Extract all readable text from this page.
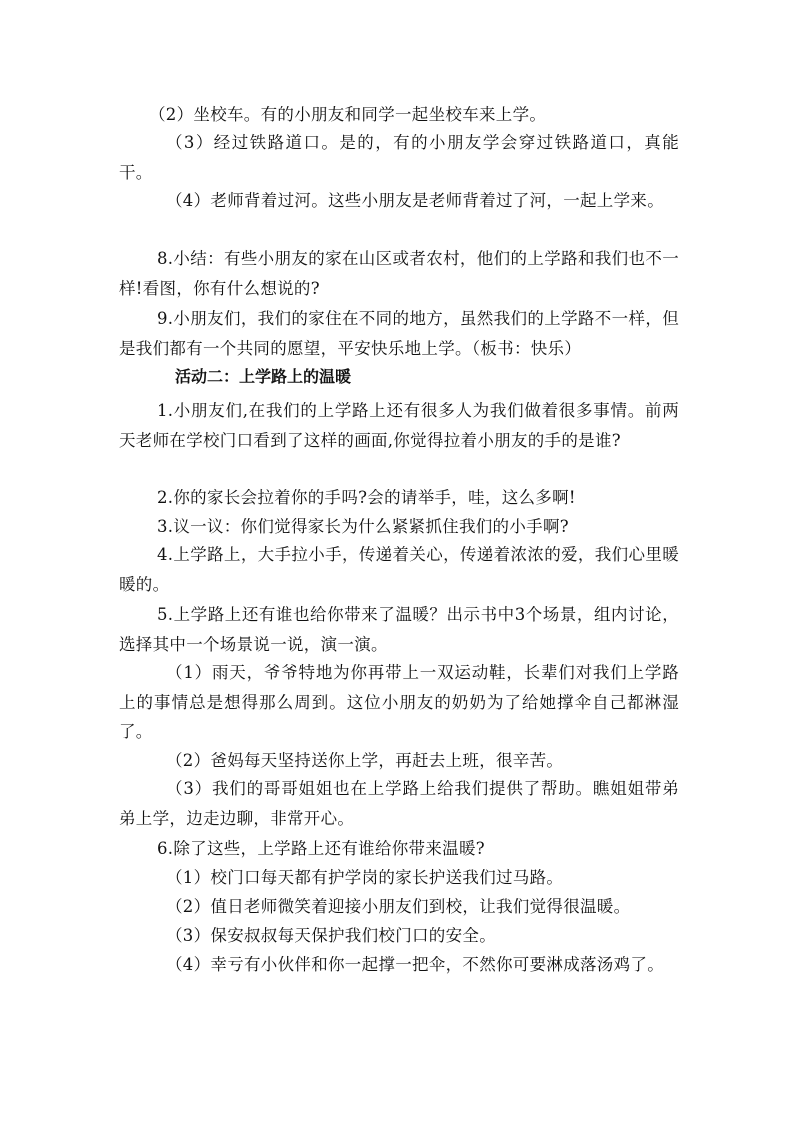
（2）坐校车。有的小朋友和同学一起坐校车来上学。

（3）经过铁路道口。是的，有的小朋友学会穿过铁路道口，真能干。

（4）老师背着过河。这些小朋友是老师背着过了河，一起上学来。

8.小结：有些小朋友的家在山区或者农村，他们的上学路和我们也不一样!看图，你有什么想说的?

9.小朋友们，我们的家住在不同的地方，虽然我们的上学路不一样，但是我们都有一个共同的愿望，平安快乐地上学。（板书：快乐）

活动二：上学路上的温暖

1.小朋友们,在我们的上学路上还有很多人为我们做着很多事情。前两天老师在学校门口看到了这样的画面,你觉得拉着小朋友的手的是谁?

2.你的家长会拉着你的手吗?会的请举手，哇，这么多啊!

3.议一议：你们觉得家长为什么紧紧抓住我们的小手啊?

4.上学路上，大手拉小手，传递着关心，传递着浓浓的爱，我们心里暖暖的。

5.上学路上还有谁也给你带来了温暖？出示书中3个场景，组内讨论，选择其中一个场景说一说，演一演。

（1）雨天，爷爷特地为你再带上一双运动鞋，长辈们对我们上学路上的事情总是想得那么周到。这位小朋友的奶奶为了给她撑伞自己都淋湿了。

（2）爸妈每天坚持送你上学，再赶去上班，很辛苦。

（3）我们的哥哥姐姐也在上学路上给我们提供了帮助。瞧姐姐带弟弟上学，边走边聊，非常开心。

6.除了这些，上学路上还有谁给你带来温暖?

（1）校门口每天都有护学岗的家长护送我们过马路。

（2）值日老师微笑着迎接小朋友们到校，让我们觉得很温暖。

（3）保安叔叔每天保护我们校门口的安全。

（4）幸亏有小伙伴和你一起撑一把伞，不然你可要淋成落汤鸡了。
